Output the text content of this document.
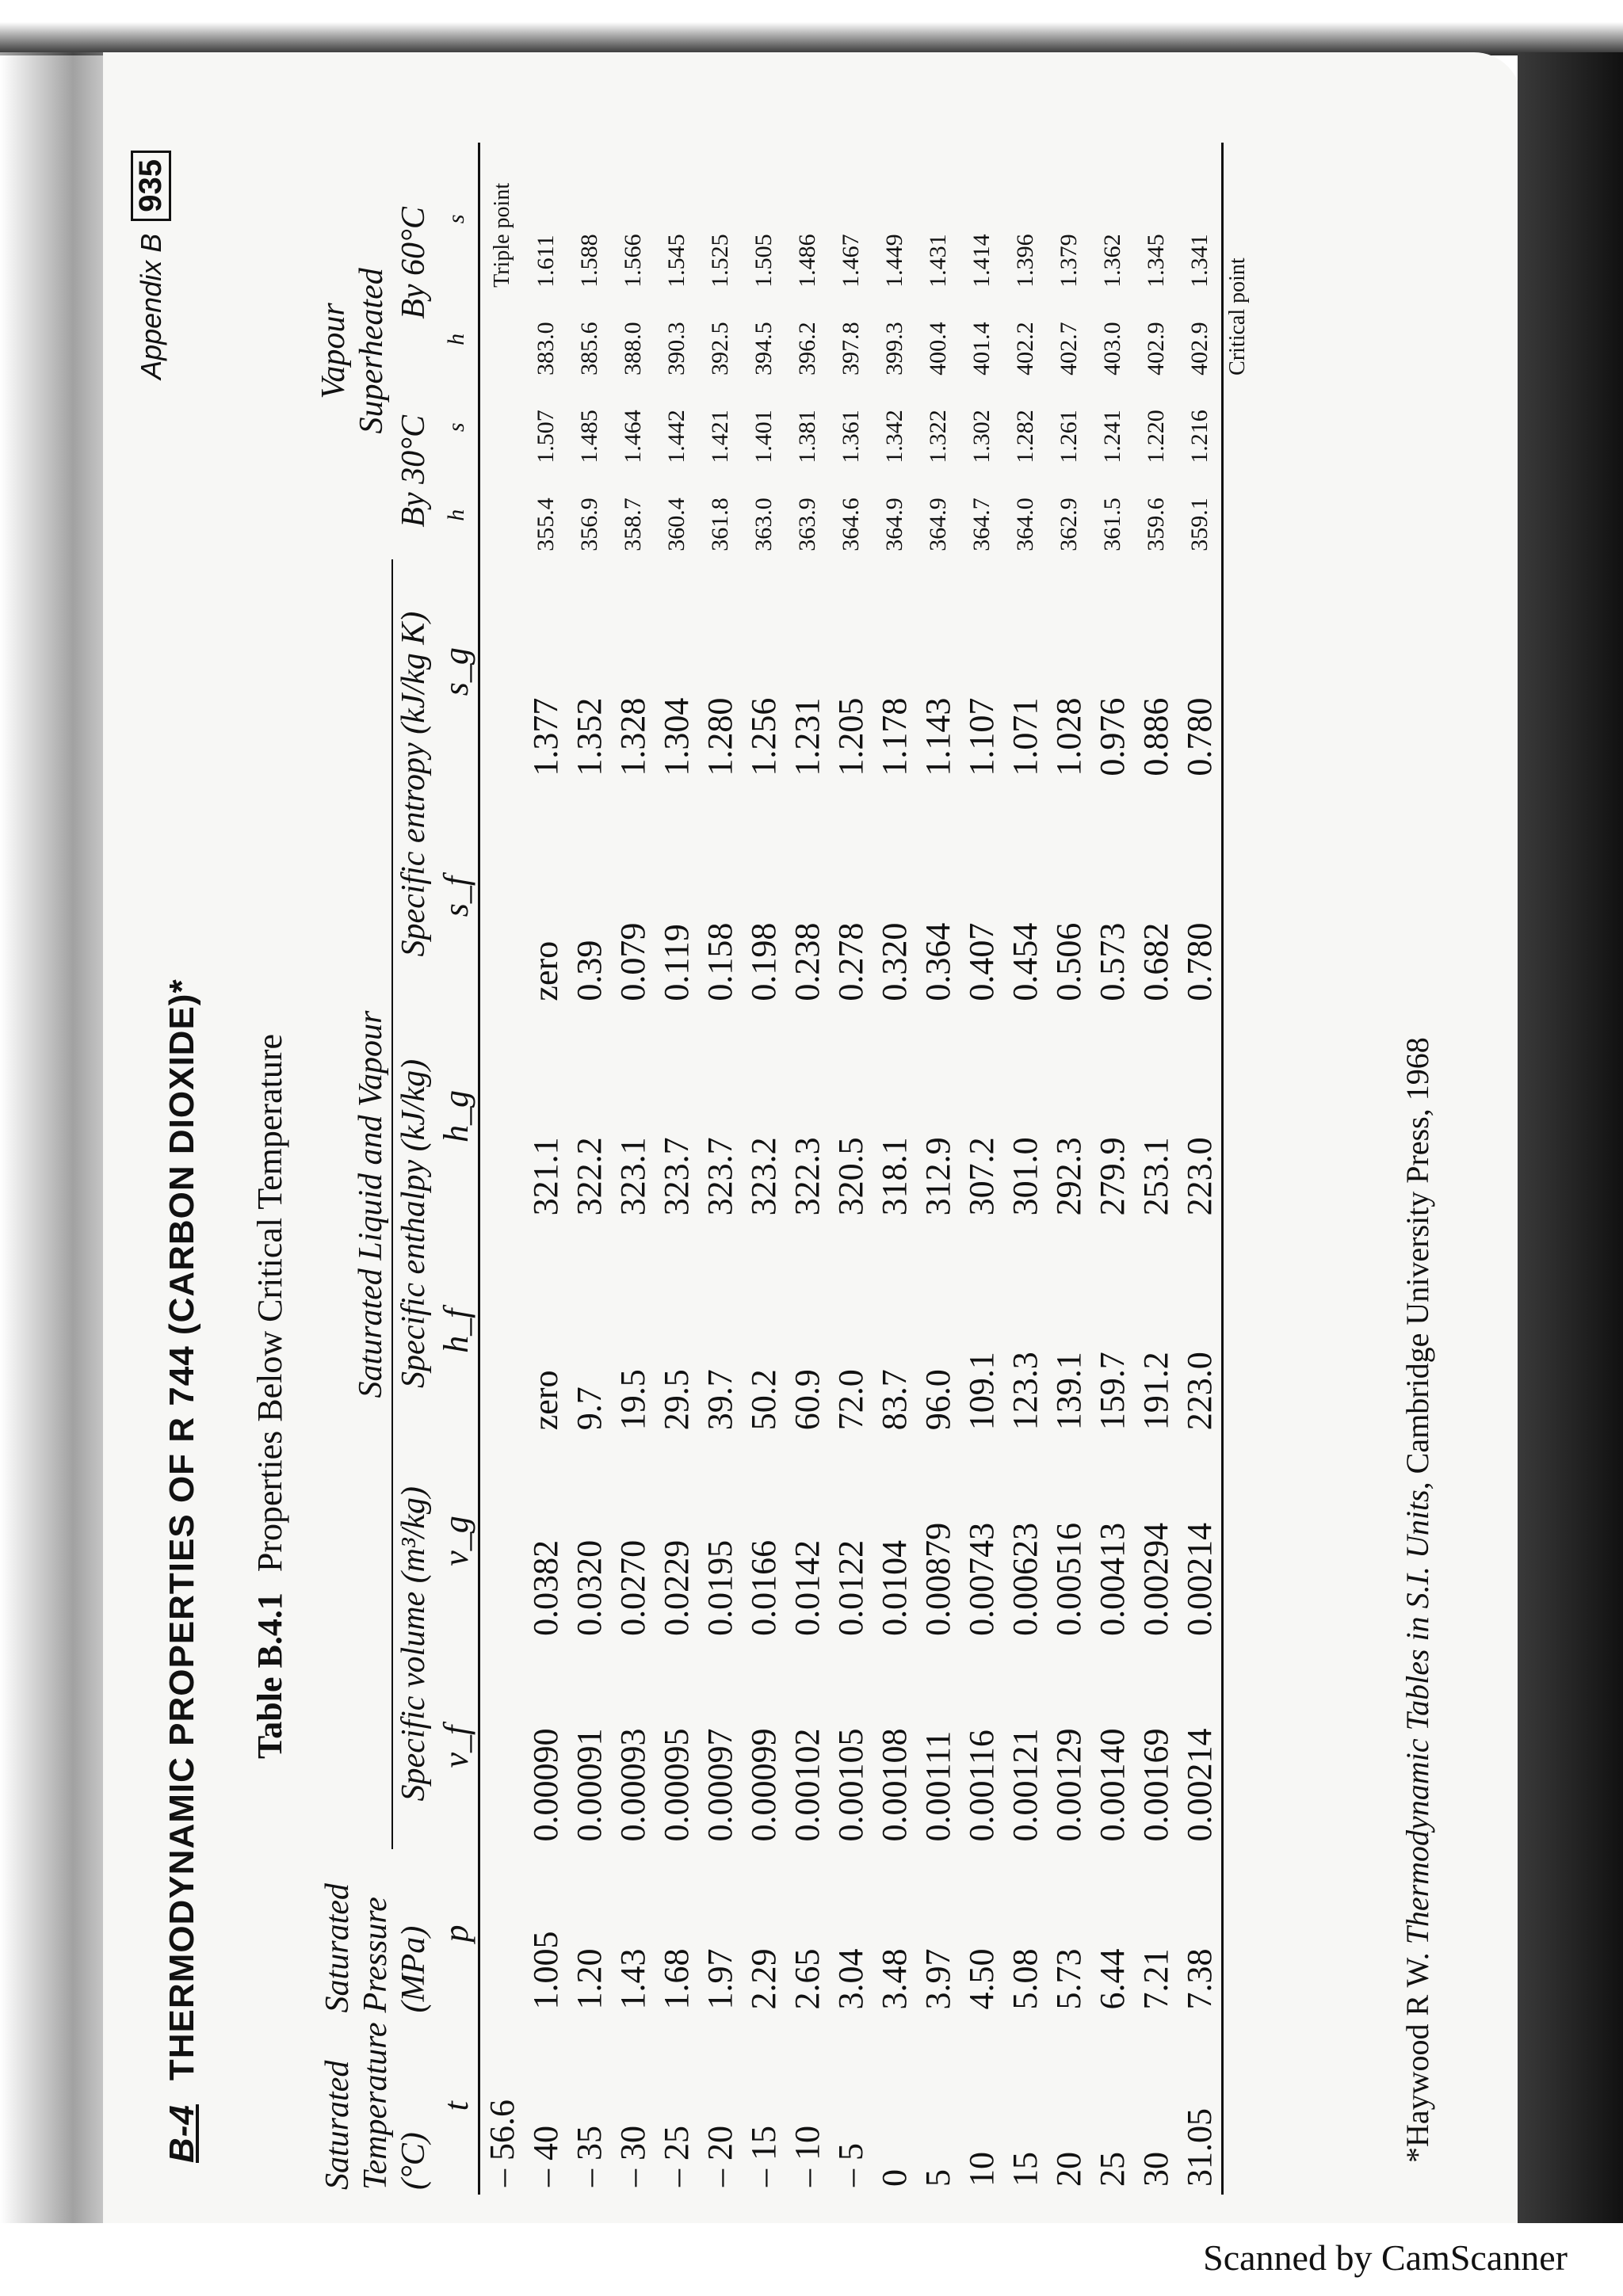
Appendix B935
B-4THERMODYNAMIC PROPERTIES OF R 744 (CARBON DIOXIDE)* Table B.4.1Properties Below Critical Temperature
Saturated Temperature (°C)	Saturated Pressure (MPa)	Saturated Liquid and Vapour						Vapour Superheated			

		Specific volume (m³/kg)		Specific enthalpy (kJ/kg)		Specific entropy (kJ/kg K)		By 30°C		By 60°C	
t	p	v_f	v_g	h_f	h_g	s_f	s_g	h	s	h	s
– 56.6											Triple point
– 40	1.005	0.00090	0.0382	zero	321.1	zero	1.377	355.4	1.507	383.0	1.611
– 35	1.20	0.00091	0.0320	9.7	322.2	0.39	1.352	356.9	1.485	385.6	1.588
– 30	1.43	0.00093	0.0270	19.5	323.1	0.079	1.328	358.7	1.464	388.0	1.566
– 25	1.68	0.00095	0.0229	29.5	323.7	0.119	1.304	360.4	1.442	390.3	1.545
– 20	1.97	0.00097	0.0195	39.7	323.7	0.158	1.280	361.8	1.421	392.5	1.525
– 15	2.29	0.00099	0.0166	50.2	323.2	0.198	1.256	363.0	1.401	394.5	1.505
– 10	2.65	0.00102	0.0142	60.9	322.3	0.238	1.231	363.9	1.381	396.2	1.486
– 5	3.04	0.00105	0.0122	72.0	320.5	0.278	1.205	364.6	1.361	397.8	1.467
0	3.48	0.00108	0.0104	83.7	318.1	0.320	1.178	364.9	1.342	399.3	1.449
5	3.97	0.00111	0.00879	96.0	312.9	0.364	1.143	364.9	1.322	400.4	1.431
10	4.50	0.00116	0.00743	109.1	307.2	0.407	1.107	364.7	1.302	401.4	1.414
15	5.08	0.00121	0.00623	123.3	301.0	0.454	1.071	364.0	1.282	402.2	1.396
20	5.73	0.00129	0.00516	139.1	292.3	0.506	1.028	362.9	1.261	402.7	1.379
25	6.44	0.00140	0.00413	159.7	279.9	0.573	0.976	361.5	1.241	403.0	1.362
30	7.21	0.00169	0.00294	191.2	253.1	0.682	0.886	359.6	1.220	402.9	1.345
31.05	7.38	0.00214	0.00214	223.0	223.0	0.780	0.780	359.1	1.216	402.9	1.341
										Critical point	
*Haywood R W. Thermodynamic Tables in S.I. Units, Cambridge University Press, 1968
Scanned by CamScanner
